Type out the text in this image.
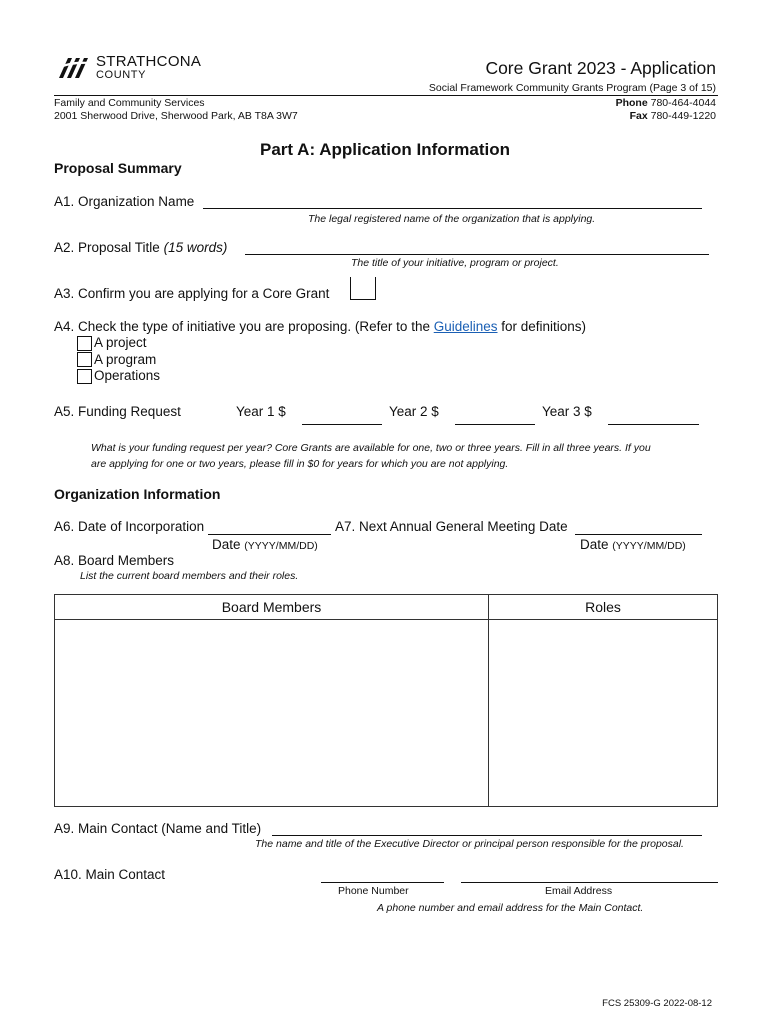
STRATHCONA
COUNTY	Core Grant 2023 - Application
Social Framework Community Grants Program (Page 3 of 15)
Family and Community Services
2001 Sherwood Drive, Sherwood Park, AB T8A 3W7
Phone 780-464-4044
Fax 780-449-1220
Part A: Application Information
Proposal Summary
A1. Organization Name
The legal registered name of the organization that is applying.
A2. Proposal Title (15 words)
The title of your initiative, program or project.
A3. Confirm you are applying for a Core Grant
A4. Check the type of initiative you are proposing. (Refer to the Guidelines for definitions)
A project
A program
Operations
A5. Funding Request	Year 1 $	Year 2 $	Year 3 $
What is your funding request per year? Core Grants are available for one, two or three years. Fill in all three years. If you
are applying for one or two years, please fill in $0 for years for which you are not applying.
Organization Information
A6. Date of Incorporation	A7. Next Annual General Meeting Date
Date (YYYY/MM/DD)	Date (YYYY/MM/DD)
A8. Board Members
List the current board members and their roles.
Board Members	Roles

A9. Main Contact (Name and Title)
The name and title of the Executive Director or principal person responsible for the proposal.
A10. Main Contact
Phone Number	Email Address
A phone number and email address for the Main Contact.
FCS 25309-G 2022-08-12
